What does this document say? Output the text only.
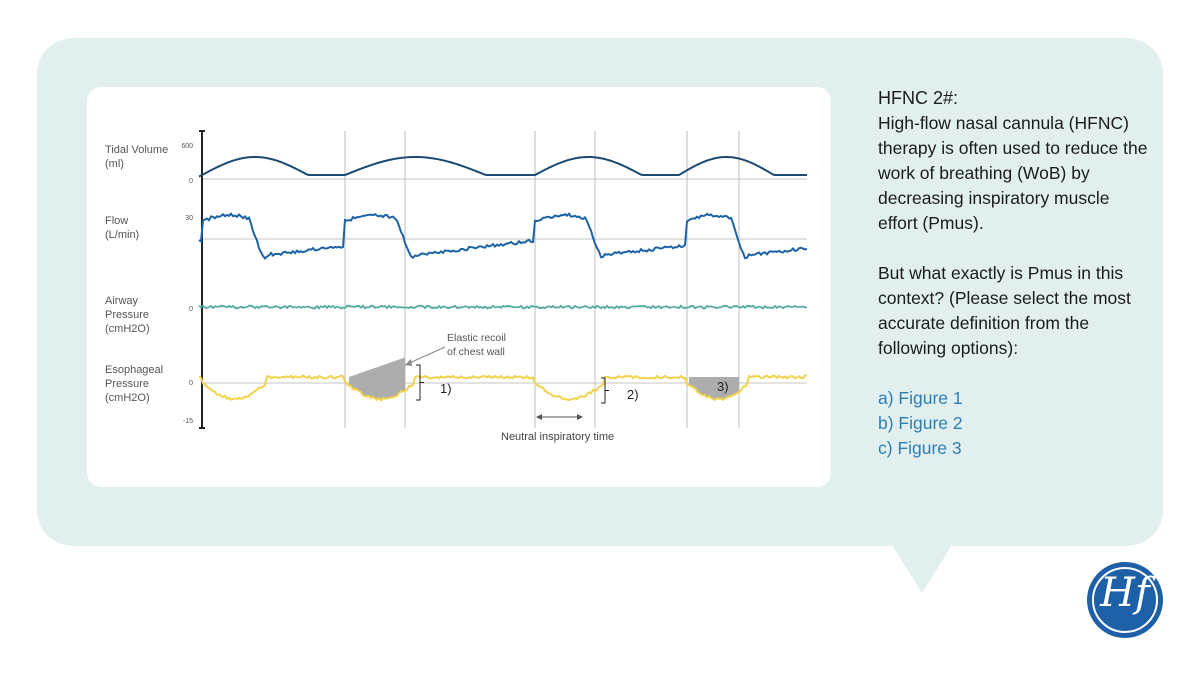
Tidal Volume
(ml)
Flow
(L/min)
Airway
Pressure
(cmH2O)
Esophageal
Pressure
(cmH2O)
600
0
30
0
0
-15
1)	2)
3)
Elastic recoil
of chest wall
Neutral inspiratory time

HFNC 2#:

High-flow nasal cannula (HFNC) therapy is often used to reduce the work of breathing (WoB) by decreasing inspiratory muscle effort (Pmus).

But what exactly is Pmus in this context? (Please select the most accurate definition from the following options):

a) Figure 1

b) Figure 2

c) Figure 3

Hf
